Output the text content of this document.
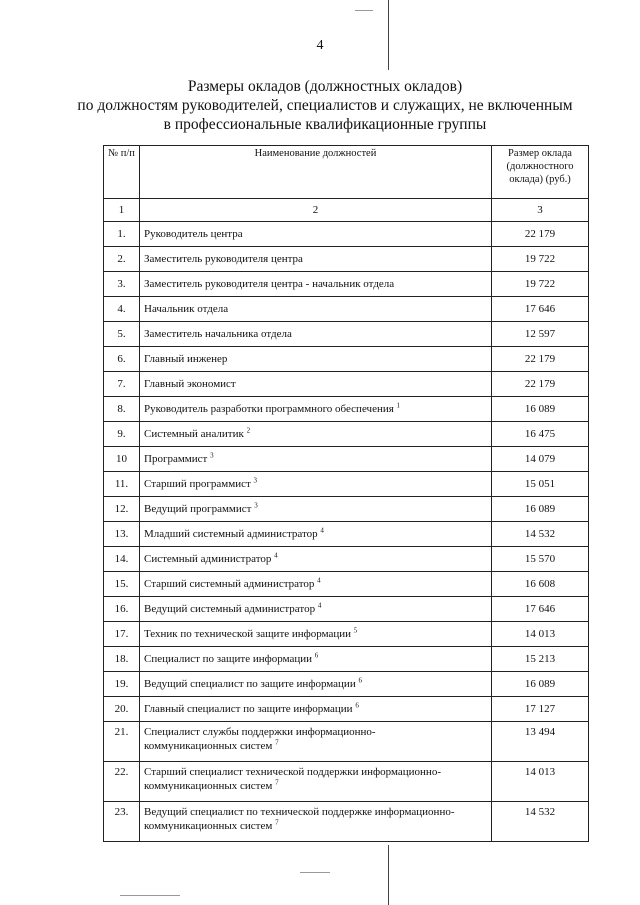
4
Размеры окладов (должностных окладов)
по должностям руководителей, специалистов и служащих, не включенным
в профессиональные квалификационные группы
№ п/п	Наименование должностей	Размер оклада (должностного оклада) (руб.)
1	2	3
1.	Руководитель центра	22 179
2.	Заместитель руководителя центра	19 722
3.	Заместитель руководителя центра - начальник отдела	19 722
4.	Начальник отдела	17 646
5.	Заместитель начальника отдела	12 597
6.	Главный инженер	22 179
7.	Главный экономист	22 179
8.	Руководитель разработки программного обеспечения $^1$	16 089
9.	Системный аналитик $^2$	16 475
10	Программист $^3$	14 079
11.	Старший программист $^3$	15 051
12.	Ведущий программист $^3$	16 089
13.	Младший системный администратор $^4$	14 532
14.	Системный администратор $^4$	15 570
15.	Старший системный администратор $^4$	16 608
16.	Ведущий системный администратор $^4$	17 646
17.	Техник по технической защите информации $^5$	14 013
18.	Специалист по защите информации $^6$	15 213
19.	Ведущий специалист по защите информации $^6$	16 089
20.	Главный специалист по защите информации $^6$	17 127
21.	Специалист службы поддержки информационно-
коммуникационных систем $^7$	13 494
22.	Старший специалист технической поддержки информационно-
коммуникационных систем $^7$	14 013
23.	Ведущий специалист по технической поддержке информационно-
коммуникационных систем $^7$	14 532
